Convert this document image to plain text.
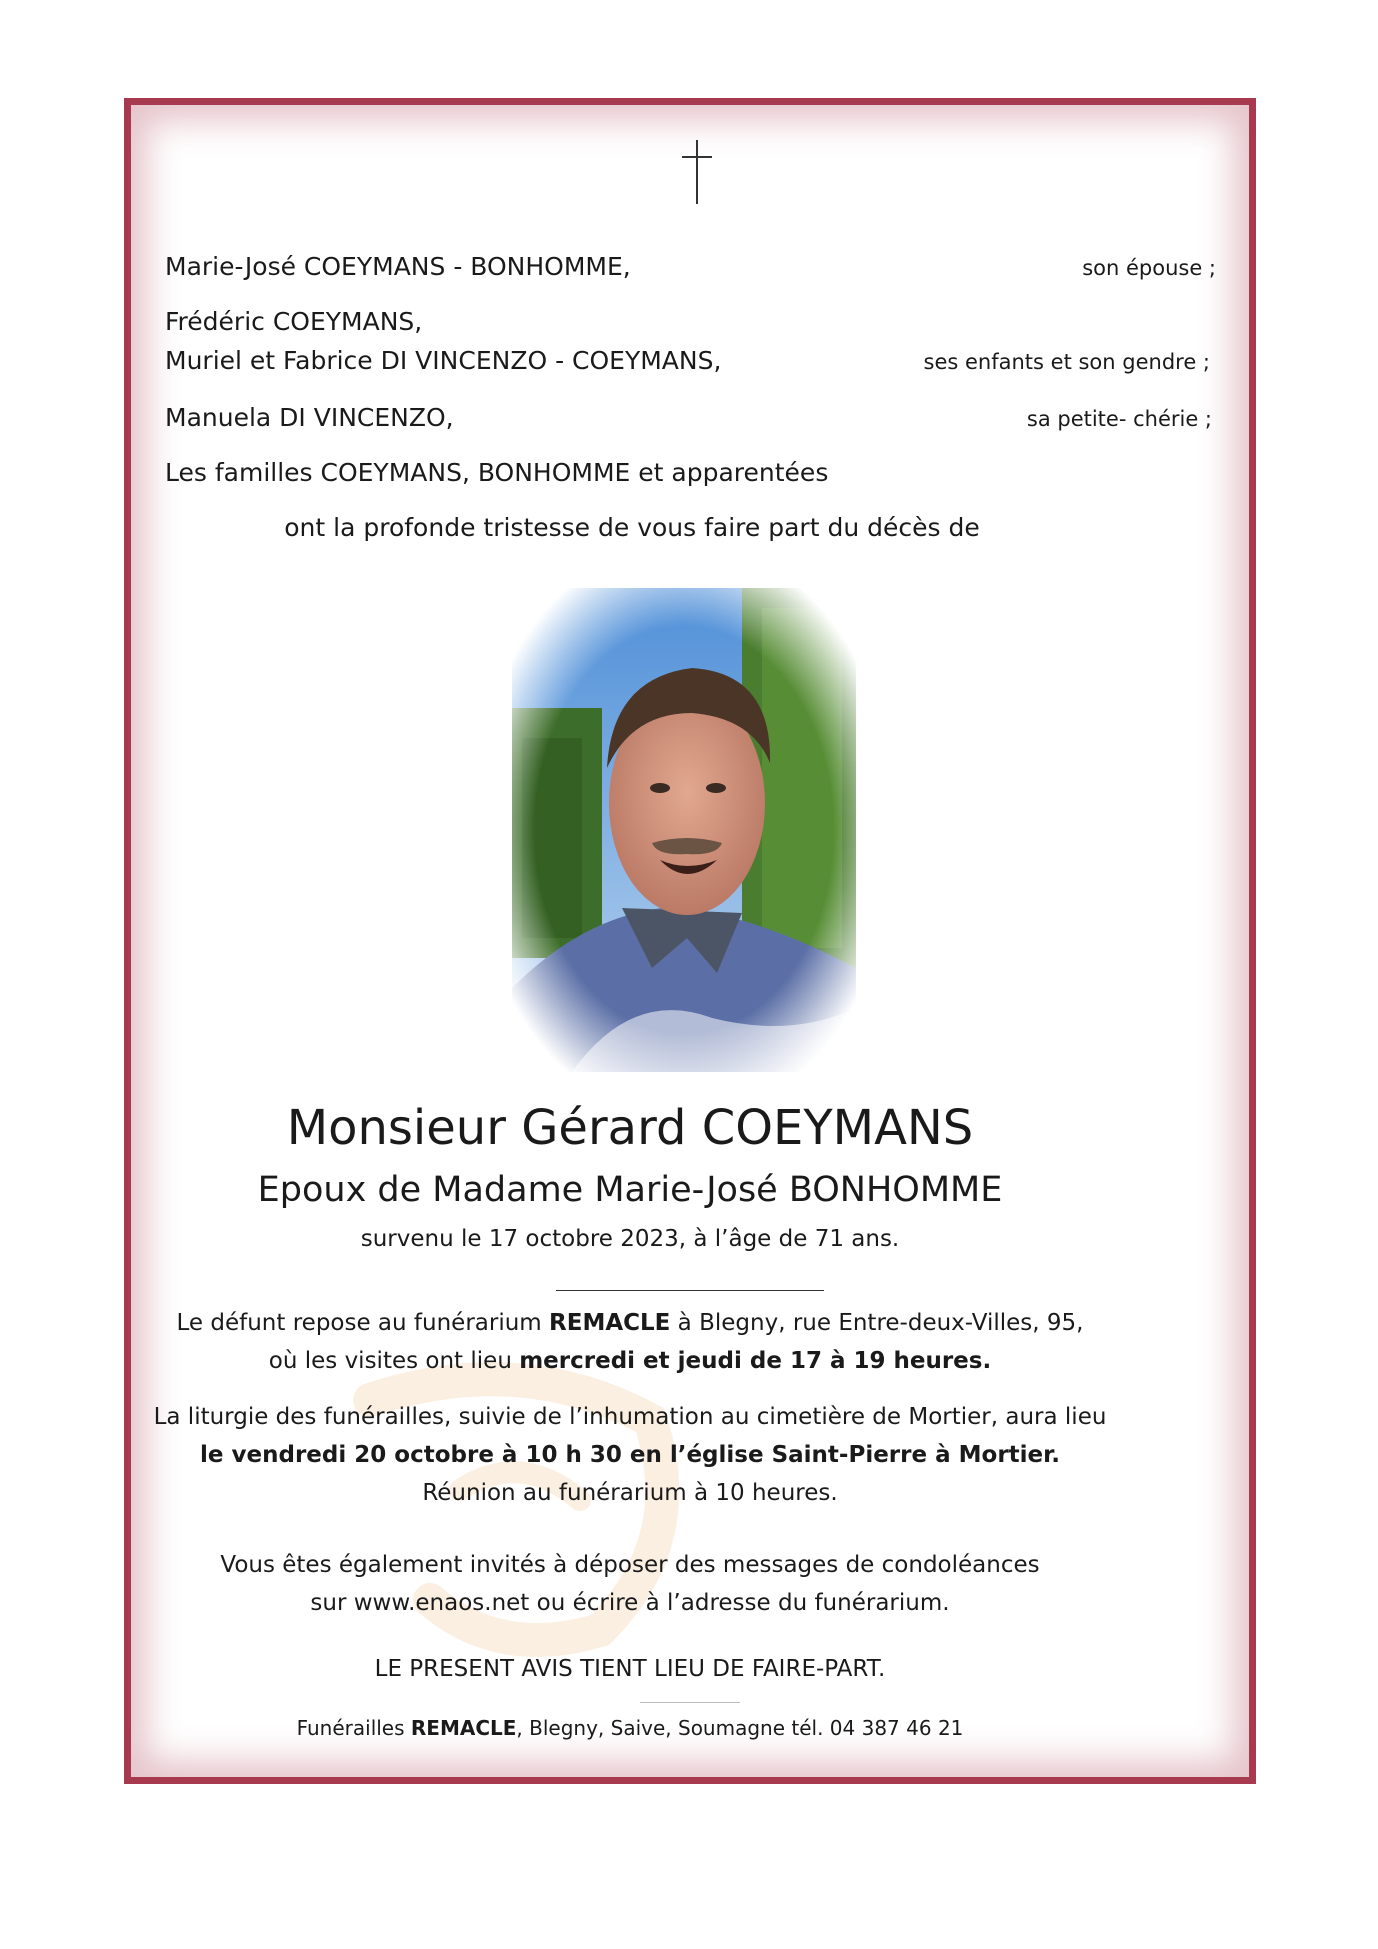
Marie-José COEYMANS - BONHOMME,	son épouse ;
Frédéric COEYMANS,
Muriel et Fabrice DI VINCENZO - COEYMANS,	ses enfants et son gendre ;
Manuela DI VINCENZO,	sa petite- chérie ;
Les familles COEYMANS, BONHOMME et apparentées
ont la profonde tristesse de vous faire part du décès de
Monsieur Gérard COEYMANS
Epoux de Madame Marie-José BONHOMME
survenu le 17 octobre 2023, à l’âge de 71 ans.
Le défunt repose au funérarium REMACLE à Blegny, rue Entre-deux-Villes, 95,
où les visites ont lieu mercredi et jeudi de 17 à 19 heures.
La liturgie des funérailles, suivie de l’inhumation au cimetière de Mortier, aura lieu
le vendredi 20 octobre à 10 h 30 en l’église Saint-Pierre à Mortier.
Réunion au funérarium à 10 heures.
Vous êtes également invités à déposer des messages de condoléances
sur www.enaos.net ou écrire à l’adresse du funérarium.
LE PRESENT AVIS TIENT LIEU DE FAIRE-PART.
Funérailles REMACLE, Blegny, Saive, Soumagne tél. 04 387 46 21
